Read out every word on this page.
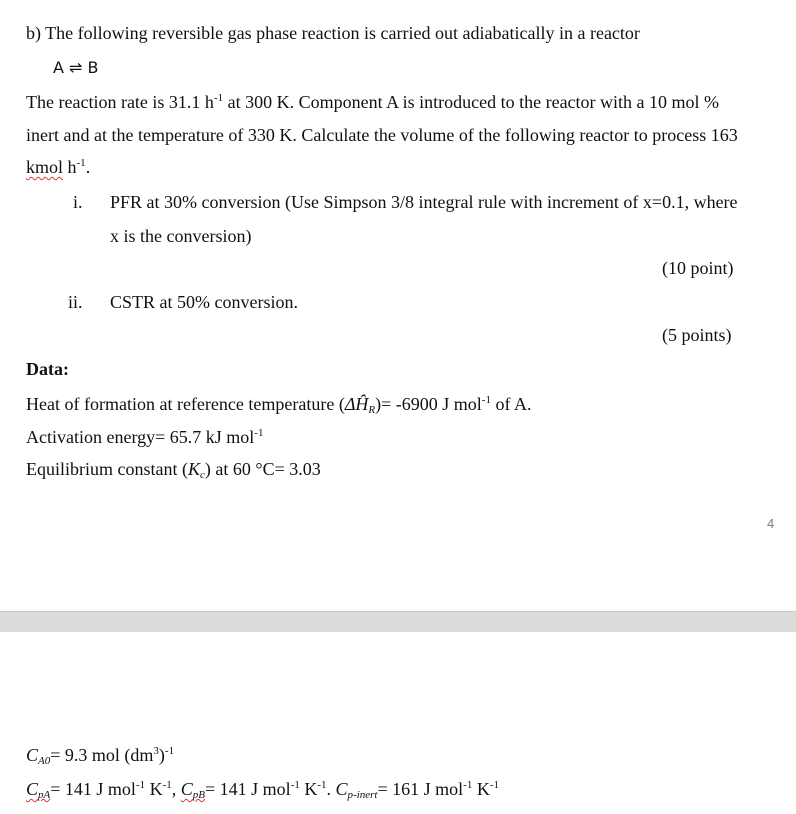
b) The following reversible gas phase reaction is carried out adiabatically in a reactor
A ⇌ B
The reaction rate is 31.1 $h^{-1}$ at 300 K. Component A is introduced to the reactor with a 10 mol %
inert and at the temperature of 330 K. Calculate the volume of the following reactor to process 163
kmol $h^{-1}$.
i. PFR at 30% conversion (Use Simpson 3/8 integral rule with increment of x=0.1, where
x is the conversion)
(10 point)
ii. CSTR at 50% conversion.
(5 points)
Data:
Heat of formation at reference temperature $(\Delta Ĥ_R)= -6900$ J mol$^{-1}$ of A.
Activation energy= 65.7 kJ mol$^{-1}$
Equilibrium constant $(K_c)$ at 60 °C= 3.03
4
$C_{A0}= 9.3$ mol $(dm^3)^{-1}$
$C_{pA}= 141$ J mol$^{-1}$ $K^{-1}$, $C_{pB}= 141$ J mol$^{-1}$ $K^{-1}$. $C_{p-inert}= 161$ J mol$^{-1}$ $K^{-1}$
